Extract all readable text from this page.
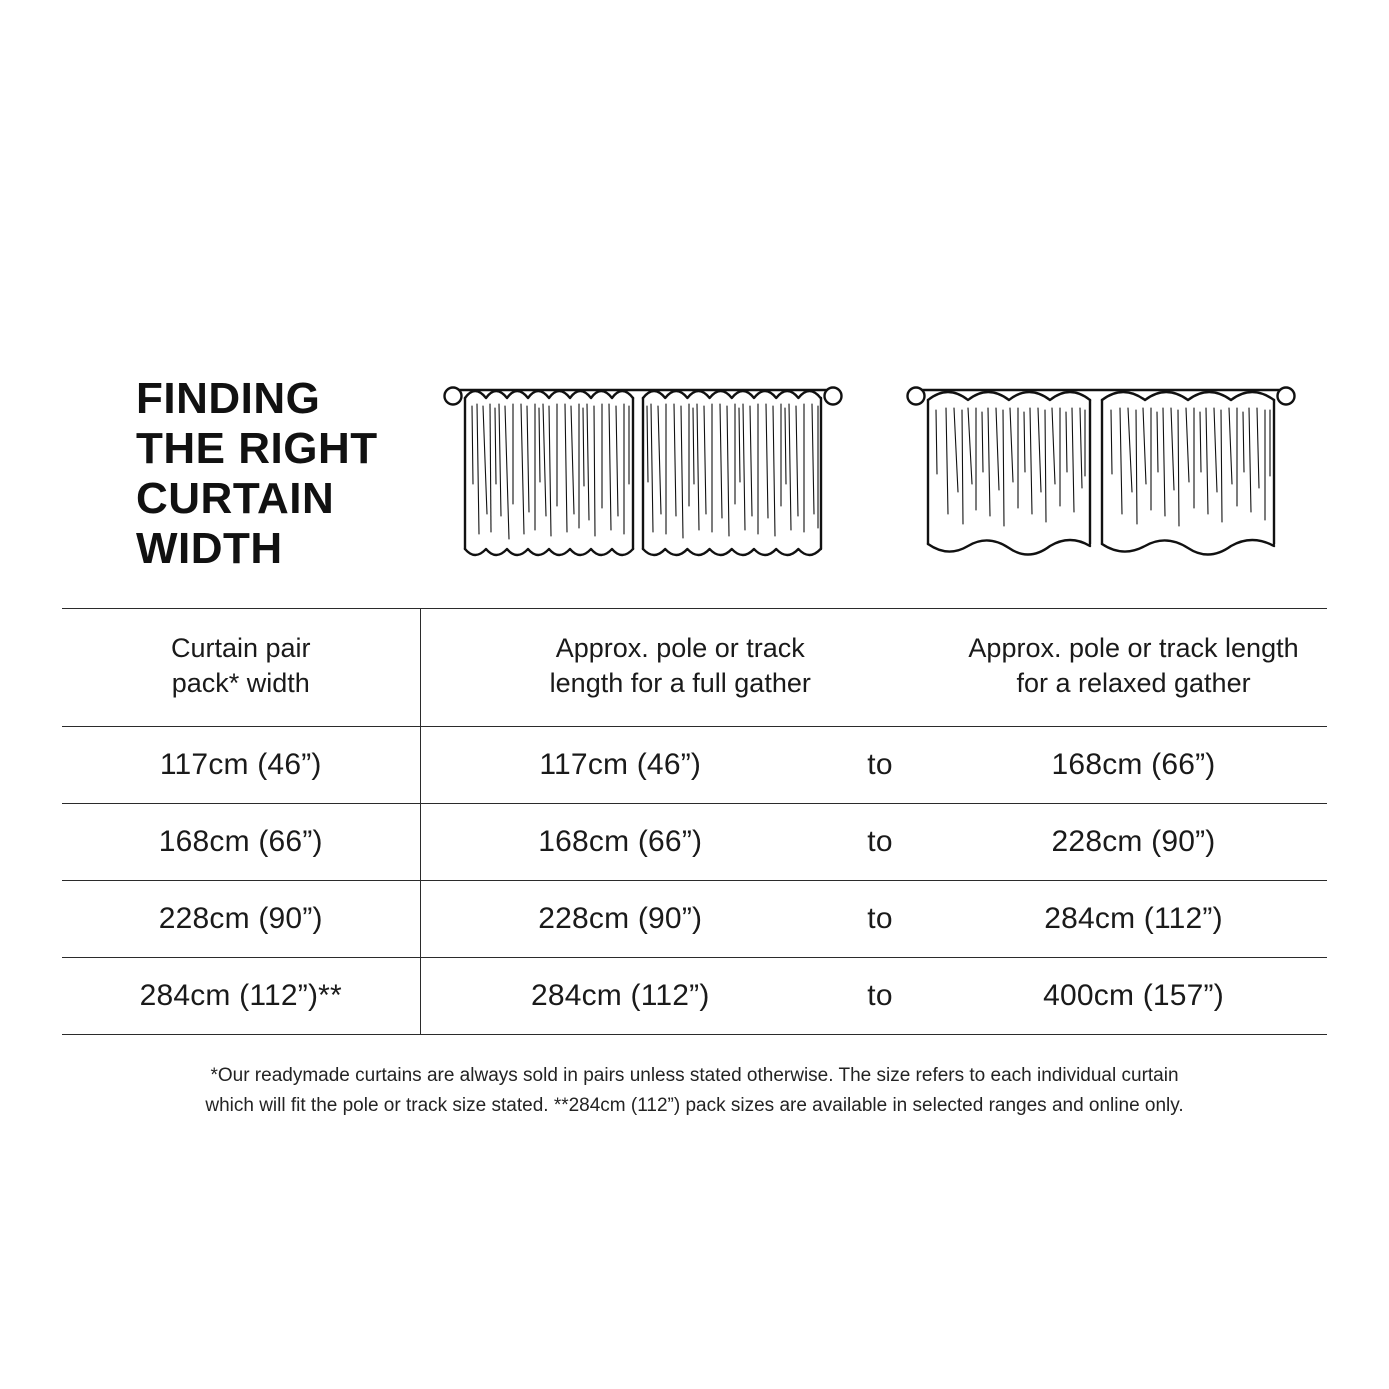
FINDING
THE RIGHT
CURTAIN
WIDTH
Curtain pair
pack* width

Approx. pole or track
length for a full gather

Approx. pole or track length
for a relaxed gather

117cm (46”)	117cm (46”)	to	168cm (66”)
168cm (66”)	168cm (66”)	to	228cm (90”)
228cm (90”)	228cm (90”)	to	284cm (112”)
284cm (112”)**	284cm (112”)	to	400cm (157”)
*Our readymade curtains are always sold in pairs unless stated otherwise. The size refers to each individual curtain
which will fit the pole or track size stated. **284cm (112”) pack sizes are available in selected ranges and online only.
